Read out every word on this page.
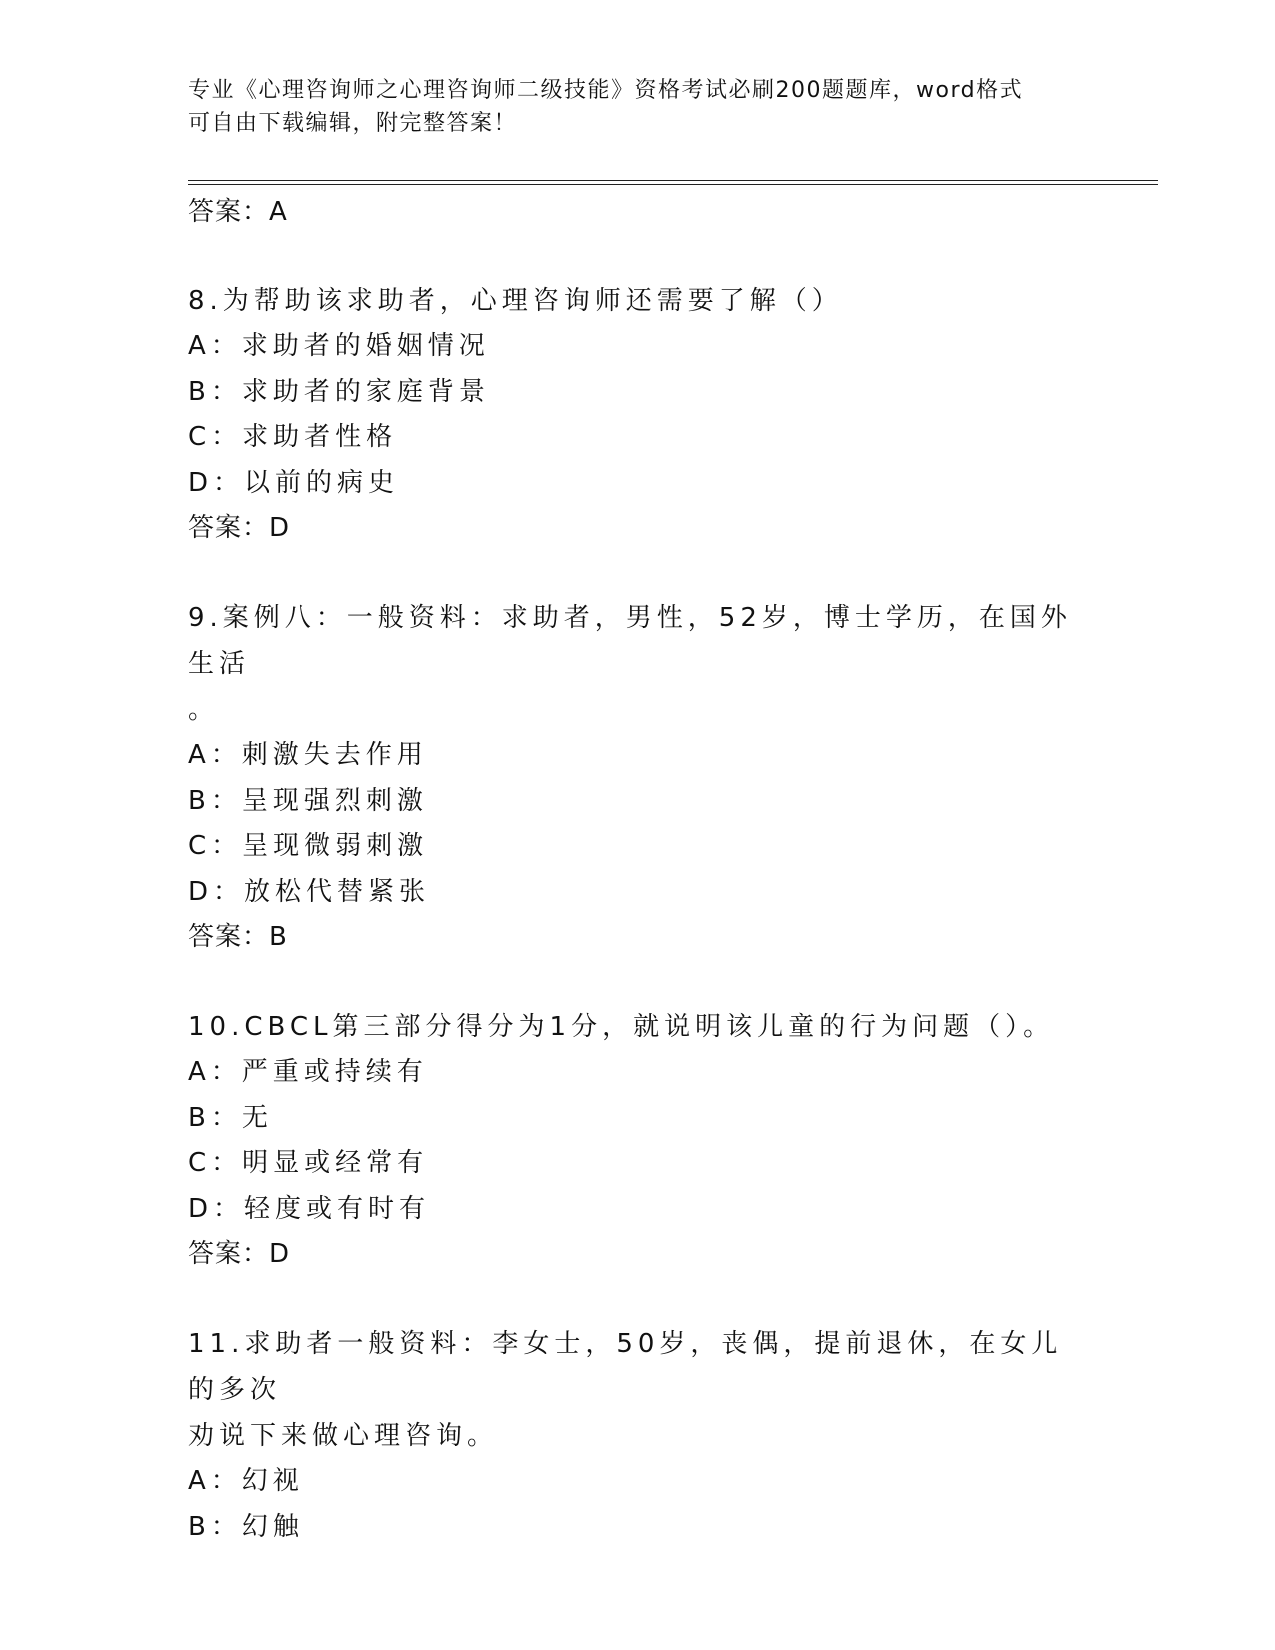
专业《心理咨询师之心理咨询师二级技能》资格考试必刷200题题库，word格式
可自由下载编辑，附完整答案！
答案：A
8.为帮助该求助者，心理咨询师还需要了解（）
A：求助者的婚姻情况
B：求助者的家庭背景
C：求助者性格
D：以前的病史
答案：D
9.案例八：一般资料：求助者，男性，52岁，博士学历，在国外生活
。
A：刺激失去作用
B：呈现强烈刺激
C：呈现微弱刺激
D：放松代替紧张
答案：B
10.CBCL第三部分得分为1分，就说明该儿童的行为问题（）。
A：严重或持续有
B：无
C：明显或经常有
D：轻度或有时有
答案：D
11.求助者一般资料：李女士，50岁，丧偶，提前退休，在女儿的多次
劝说下来做心理咨询。
A：幻视
B：幻触
